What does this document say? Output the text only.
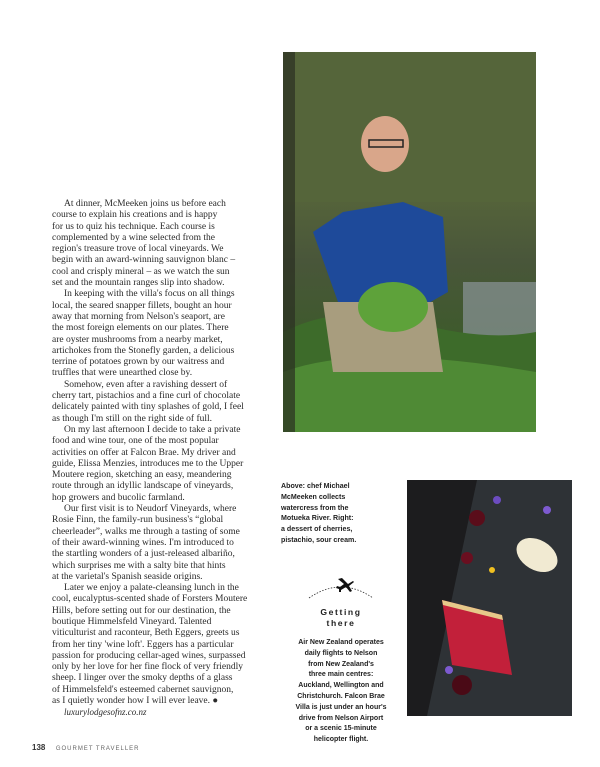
At dinner, McMeeken joins us before each
course to explain his creations and is happy
for us to quiz his technique. Each course is
complemented by a wine selected from the
region's treasure trove of local vineyards. We
begin with an award-winning sauvignon blanc –
cool and crisply mineral – as we watch the sun
set and the mountain ranges slip into shadow.
In keeping with the villa's focus on all things
local, the seared snapper fillets, bought an hour
away that morning from Nelson's seaport, are
the most foreign elements on our plates. There
are oyster mushrooms from a nearby market,
artichokes from the Stonefly garden, a delicious
terrine of potatoes grown by our waitress and
truffles that were unearthed close by.
Somehow, even after a ravishing dessert of
cherry tart, pistachios and a fine curl of chocolate
delicately painted with tiny splashes of gold, I feel
as though I'm still on the right side of full.
On my last afternoon I decide to take a private
food and wine tour, one of the most popular
activities on offer at Falcon Brae. My driver and
guide, Elissa Menzies, introduces me to the Upper
Moutere region, sketching an easy, meandering
route through an idyllic landscape of vineyards,
hop growers and bucolic farmland.
Our first visit is to Neudorf Vineyards, where
Rosie Finn, the family-run business's “global
cheerleader”, walks me through a tasting of some
of their award-winning wines. I'm introduced to
the startling wonders of a just-released albariño,
which surprises me with a salty bite that hints
at the varietal's Spanish seaside origins.
Later we enjoy a palate-cleansing lunch in the
cool, eucalyptus-scented shade of Forsters Moutere
Hills, before setting out for our destination, the
boutique Himmelsfeld Vineyard. Talented
viticulturist and raconteur, Beth Eggers, greets us
from her tiny 'wine loft'. Eggers has a particular
passion for producing cellar-aged wines, surpassed
only by her love for her fine flock of very friendly
sheep. I linger over the smoky depths of a glass
of Himmelsfeld's esteemed cabernet sauvignon,
as I quietly wonder how I will ever leave. ●
luxurylodgesofnz.co.nz
Above: chef Michael
McMeeken collects
watercress from the
Motueka River. Right:
a dessert of cherries,
pistachio, sour cream.
Getting
there
Air New Zealand operates
daily flights to Nelson
from New Zealand's
three main centres:
Auckland, Wellington and
Christchurch. Falcon Brae
Villa is just under an hour's
drive from Nelson Airport
or a scenic 15-minute
helicopter flight.
138 GOURMET TRAVELLER
